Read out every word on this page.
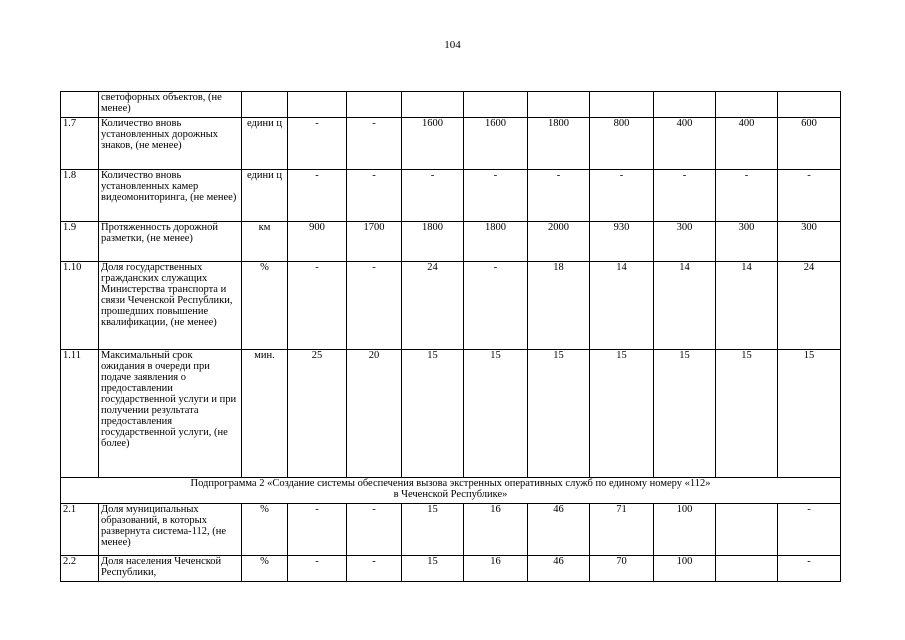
104
	светофорных объектов, (не менее)										
1.7	Количество вновь установленных дорожных знаков, (не менее)	едини ц	-	-	1600	1600	1800	800	400	400	600
1.8	Количество вновь установленных камер видеомониторинга, (не менее)	едини ц	-	-	-	-	-	-	-	-	-
1.9	Протяженность дорожной разметки, (не менее)	км	900	1700	1800	1800	2000	930	300	300	300
1.10	Доля государственных гражданских служащих Министерства транспорта и связи Чеченской Республики, прошедших повышение квалификации, (не менее)	%	-	-	24	-	18	14	14	14	24
1.11	Максимальный срок ожидания в очереди при подаче заявления о предоставлении государственной услуги и при получении результата предоставления государственной услуги, (не более)	мин.	25	20	15	15	15	15	15	15	15

Подпрограмма 2 «Создание системы обеспечения вызова экстренных оперативных служб по единому номеру «112»
в Чеченской Республике»											

2.1	Доля муниципальных образований, в которых развернута система-112, (не менее)	%	-	-	15	16	46	71	100		-
2.2	Доля населения Чеченской Республики,	%	-	-	15	16	46	70	100		-
